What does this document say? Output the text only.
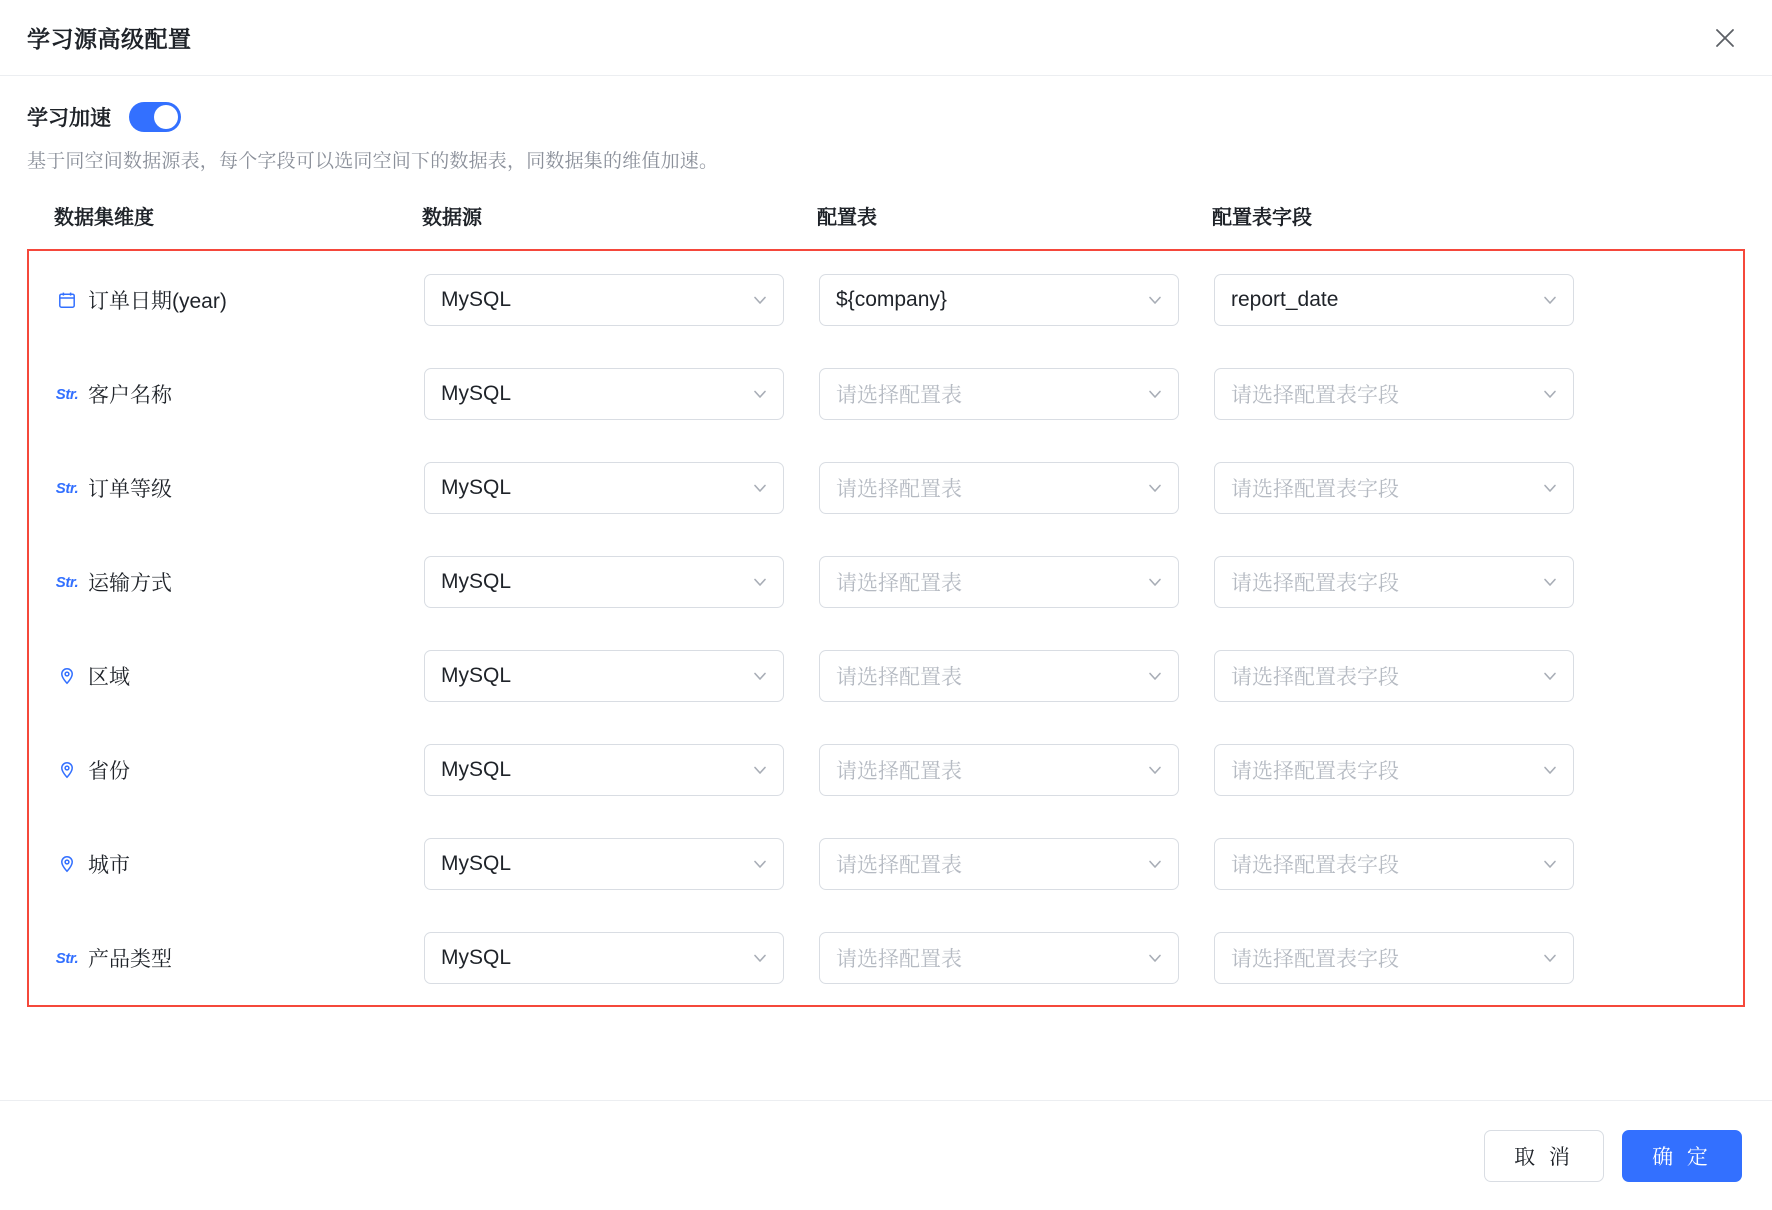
学习源高级配置
学习加速

基于同空间数据源表，每个字段可以选同空间下的数据表，同数据集的维值加速。

数据集维度	数据源	配置表	配置表字段
订单日期(year)	MySQL	${company}	report_date
Str. 客户名称	MySQL	请选择配置表	请选择配置表字段
Str. 订单等级	MySQL	请选择配置表	请选择配置表字段
Str. 运输方式	MySQL	请选择配置表	请选择配置表字段
区域	MySQL	请选择配置表	请选择配置表字段
省份	MySQL	请选择配置表	请选择配置表字段
城市	MySQL	请选择配置表	请选择配置表字段
Str. 产品类型	MySQL	请选择配置表	请选择配置表字段
取 消	确 定
